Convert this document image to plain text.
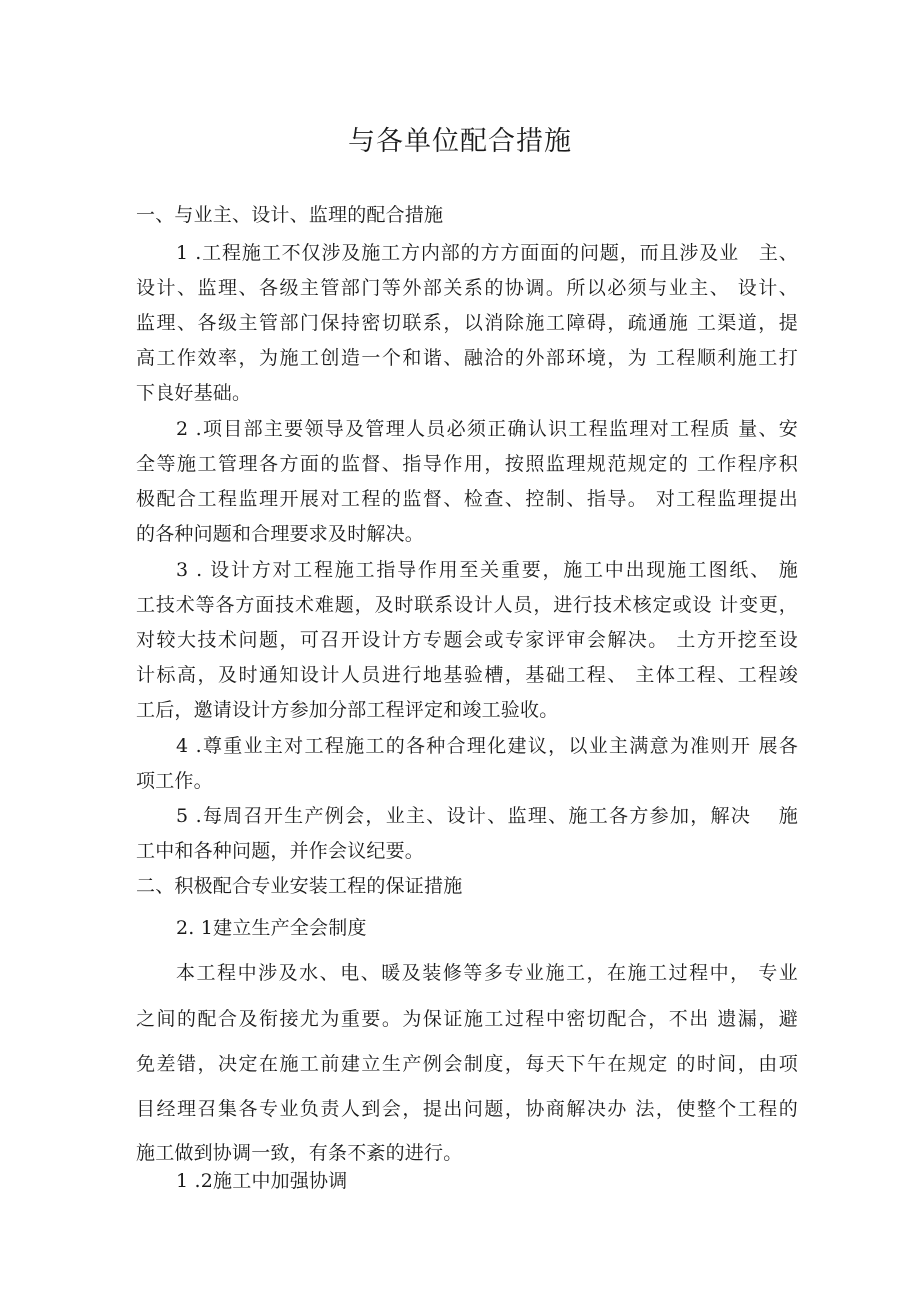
与各单位配合措施
一、与业主、设计、监理的配合措施
1 .工程施工不仅涉及施工方内部的方方面面的问题，而且涉及业　主、
设计、监理、各级主管部门等外部关系的协调。所以必须与业主、 设计、
监理、各级主管部门保持密切联系，以消除施工障碍，疏通施 工渠道，提
高工作效率，为施工创造一个和谐、融洽的外部环境，为 工程顺利施工打
下良好基础。
2 .项目部主要领导及管理人员必须正确认识工程监理对工程质 量、安
全等施工管理各方面的监督、指导作用，按照监理规范规定的 工作程序积
极配合工程监理开展对工程的监督、检查、控制、指导。 对工程监理提出
的各种问题和合理要求及时解决。
3 . 设计方对工程施工指导作用至关重要，施工中出现施工图纸、 施
工技术等各方面技术难题，及时联系设计人员，进行技术核定或设 计变更，
对较大技术问题，可召开设计方专题会或专家评审会解决。 土方开挖至设
计标高，及时通知设计人员进行地基验槽，基础工程、 主体工程、工程竣
工后，邀请设计方参加分部工程评定和竣工验收。
4 .尊重业主对工程施工的各种合理化建议，以业主满意为准则开 展各
项工作。
5 .每周召开生产例会，业主、设计、监理、施工各方参加，解决　 施
工中和各种问题，并作会议纪要。
二、积极配合专业安装工程的保证措施
2. 1建立生产全会制度
本工程中涉及水、电、暖及装修等多专业施工，在施工过程中， 专业
之间的配合及衔接尤为重要。为保证施工过程中密切配合，不出 遗漏，避
免差错，决定在施工前建立生产例会制度，每天下午在规定 的时间，由项
目经理召集各专业负责人到会，提出问题，协商解决办 法，使整个工程的
施工做到协调一致，有条不紊的进行。
1 .2施工中加强协调
